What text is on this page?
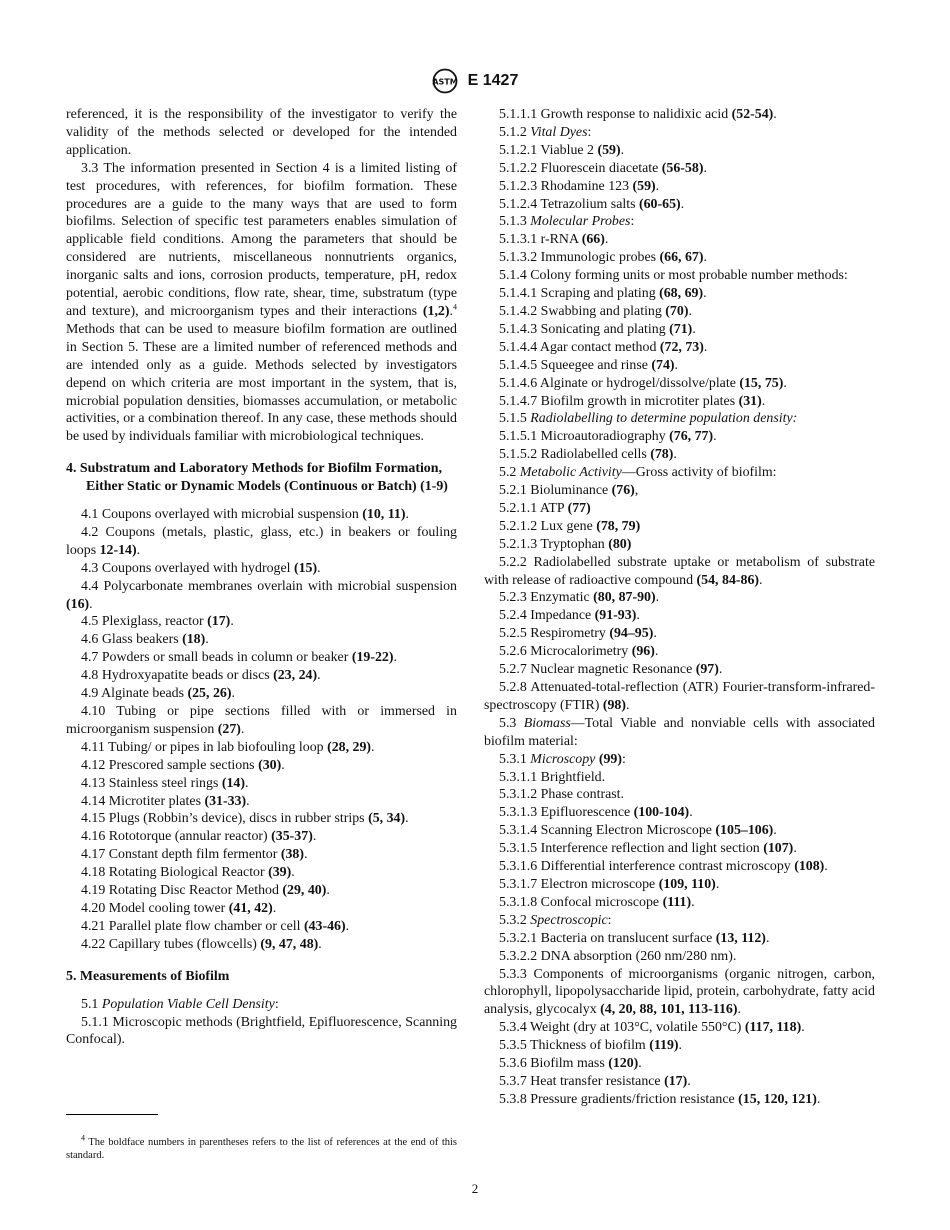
ASTM E 1427

referenced, it is the responsibility of the investigator to verify the validity of the methods selected or developed for the intended application.

3.3 The information presented in Section 4 is a limited listing of test procedures, with references, for biofilm formation. These procedures are a guide to the many ways that are used to form biofilms. Selection of specific test parameters enables simulation of applicable field conditions. Among the parameters that should be considered are nutrients, miscellaneous nonnutrients organics, inorganic salts and ions, corrosion products, temperature, pH, redox potential, aerobic conditions, flow rate, shear, time, substratum (type and texture), and microorganism types and their interactions (1,2).$^4$ Methods that can be used to measure biofilm formation are outlined in Section 5. These are a limited number of referenced methods and are intended only as a guide. Methods selected by investigators depend on which criteria are most important in the system, that is, microbial population densities, biomasses accumulation, or metabolic activities, or a combination thereof. In any case, these methods should be used by individuals familiar with microbiological techniques.

4. Substratum and Laboratory Methods for Biofilm Formation, Either Static or Dynamic Models (Continuous or Batch) (1-9)

4.1 Coupons overlayed with microbial suspension (10, 11).

4.2 Coupons (metals, plastic, glass, etc.) in beakers or fouling loops 12-14).

4.3 Coupons overlayed with hydrogel (15).

4.4 Polycarbonate membranes overlain with microbial suspension (16).

4.5 Plexiglass, reactor (17).

4.6 Glass beakers (18).

4.7 Powders or small beads in column or beaker (19-22).

4.8 Hydroxyapatite beads or discs (23, 24).

4.9 Alginate beads (25, 26).

4.10 Tubing or pipe sections filled with or immersed in microorganism suspension (27).

4.11 Tubing/ or pipes in lab biofouling loop (28, 29).

4.12 Prescored sample sections (30).

4.13 Stainless steel rings (14).

4.14 Microtiter plates (31-33).

4.15 Plugs (Robbin’s device), discs in rubber strips (5, 34).

4.16 Rototorque (annular reactor) (35-37).

4.17 Constant depth film fermentor (38).

4.18 Rotating Biological Reactor (39).

4.19 Rotating Disc Reactor Method (29, 40).

4.20 Model cooling tower (41, 42).

4.21 Parallel plate flow chamber or cell (43-46).

4.22 Capillary tubes (flowcells) (9, 47, 48).

5. Measurements of Biofilm

5.1 Population Viable Cell Density:

5.1.1 Microscopic methods (Brightfield, Epifluorescence, Scanning Confocal).

$^4$ The boldface numbers in parentheses refers to the list of references at the end of this standard.

5.1.1.1 Growth response to nalidixic acid (52-54).

5.1.2 Vital Dyes:

5.1.2.1 Viablue 2 (59).

5.1.2.2 Fluorescein diacetate (56-58).

5.1.2.3 Rhodamine 123 (59).

5.1.2.4 Tetrazolium salts (60-65).

5.1.3 Molecular Probes:

5.1.3.1 r-RNA (66).

5.1.3.2 Immunologic probes (66, 67).

5.1.4 Colony forming units or most probable number methods:

5.1.4.1 Scraping and plating (68, 69).

5.1.4.2 Swabbing and plating (70).

5.1.4.3 Sonicating and plating (71).

5.1.4.4 Agar contact method (72, 73).

5.1.4.5 Squeegee and rinse (74).

5.1.4.6 Alginate or hydrogel/dissolve/plate (15, 75).

5.1.4.7 Biofilm growth in microtiter plates (31).

5.1.5 Radiolabelling to determine population density:

5.1.5.1 Microautoradiography (76, 77).

5.1.5.2 Radiolabelled cells (78).

5.2 Metabolic Activity—Gross activity of biofilm:

5.2.1 Bioluminance (76),

5.2.1.1 ATP (77)

5.2.1.2 Lux gene (78, 79)

5.2.1.3 Tryptophan (80)

5.2.2 Radiolabelled substrate uptake or metabolism of substrate with release of radioactive compound (54, 84-86).

5.2.3 Enzymatic (80, 87-90).

5.2.4 Impedance (91-93).

5.2.5 Respirometry (94–95).

5.2.6 Microcalorimetry (96).

5.2.7 Nuclear magnetic Resonance (97).

5.2.8 Attenuated-total-reflection (ATR) Fourier-transform-infrared-spectroscopy (FTIR) (98).

5.3 Biomass—Total Viable and nonviable cells with associated biofilm material:

5.3.1 Microscopy (99):

5.3.1.1 Brightfield.

5.3.1.2 Phase contrast.

5.3.1.3 Epifluorescence (100-104).

5.3.1.4 Scanning Electron Microscope (105–106).

5.3.1.5 Interference reflection and light section (107).

5.3.1.6 Differential interference contrast microscopy (108).

5.3.1.7 Electron microscope (109, 110).

5.3.1.8 Confocal microscope (111).

5.3.2 Spectroscopic:

5.3.2.1 Bacteria on translucent surface (13, 112).

5.3.2.2 DNA absorption (260 nm/280 nm).

5.3.3 Components of microorganisms (organic nitrogen, carbon, chlorophyll, lipopolysaccharide lipid, protein, carbohydrate, fatty acid analysis, glycocalyx (4, 20, 88, 101, 113-116).

5.3.4 Weight (dry at 103°C, volatile 550°C) (117, 118).

5.3.5 Thickness of biofilm (119).

5.3.6 Biofilm mass (120).

5.3.7 Heat transfer resistance (17).

5.3.8 Pressure gradients/friction resistance (15, 120, 121).

2
